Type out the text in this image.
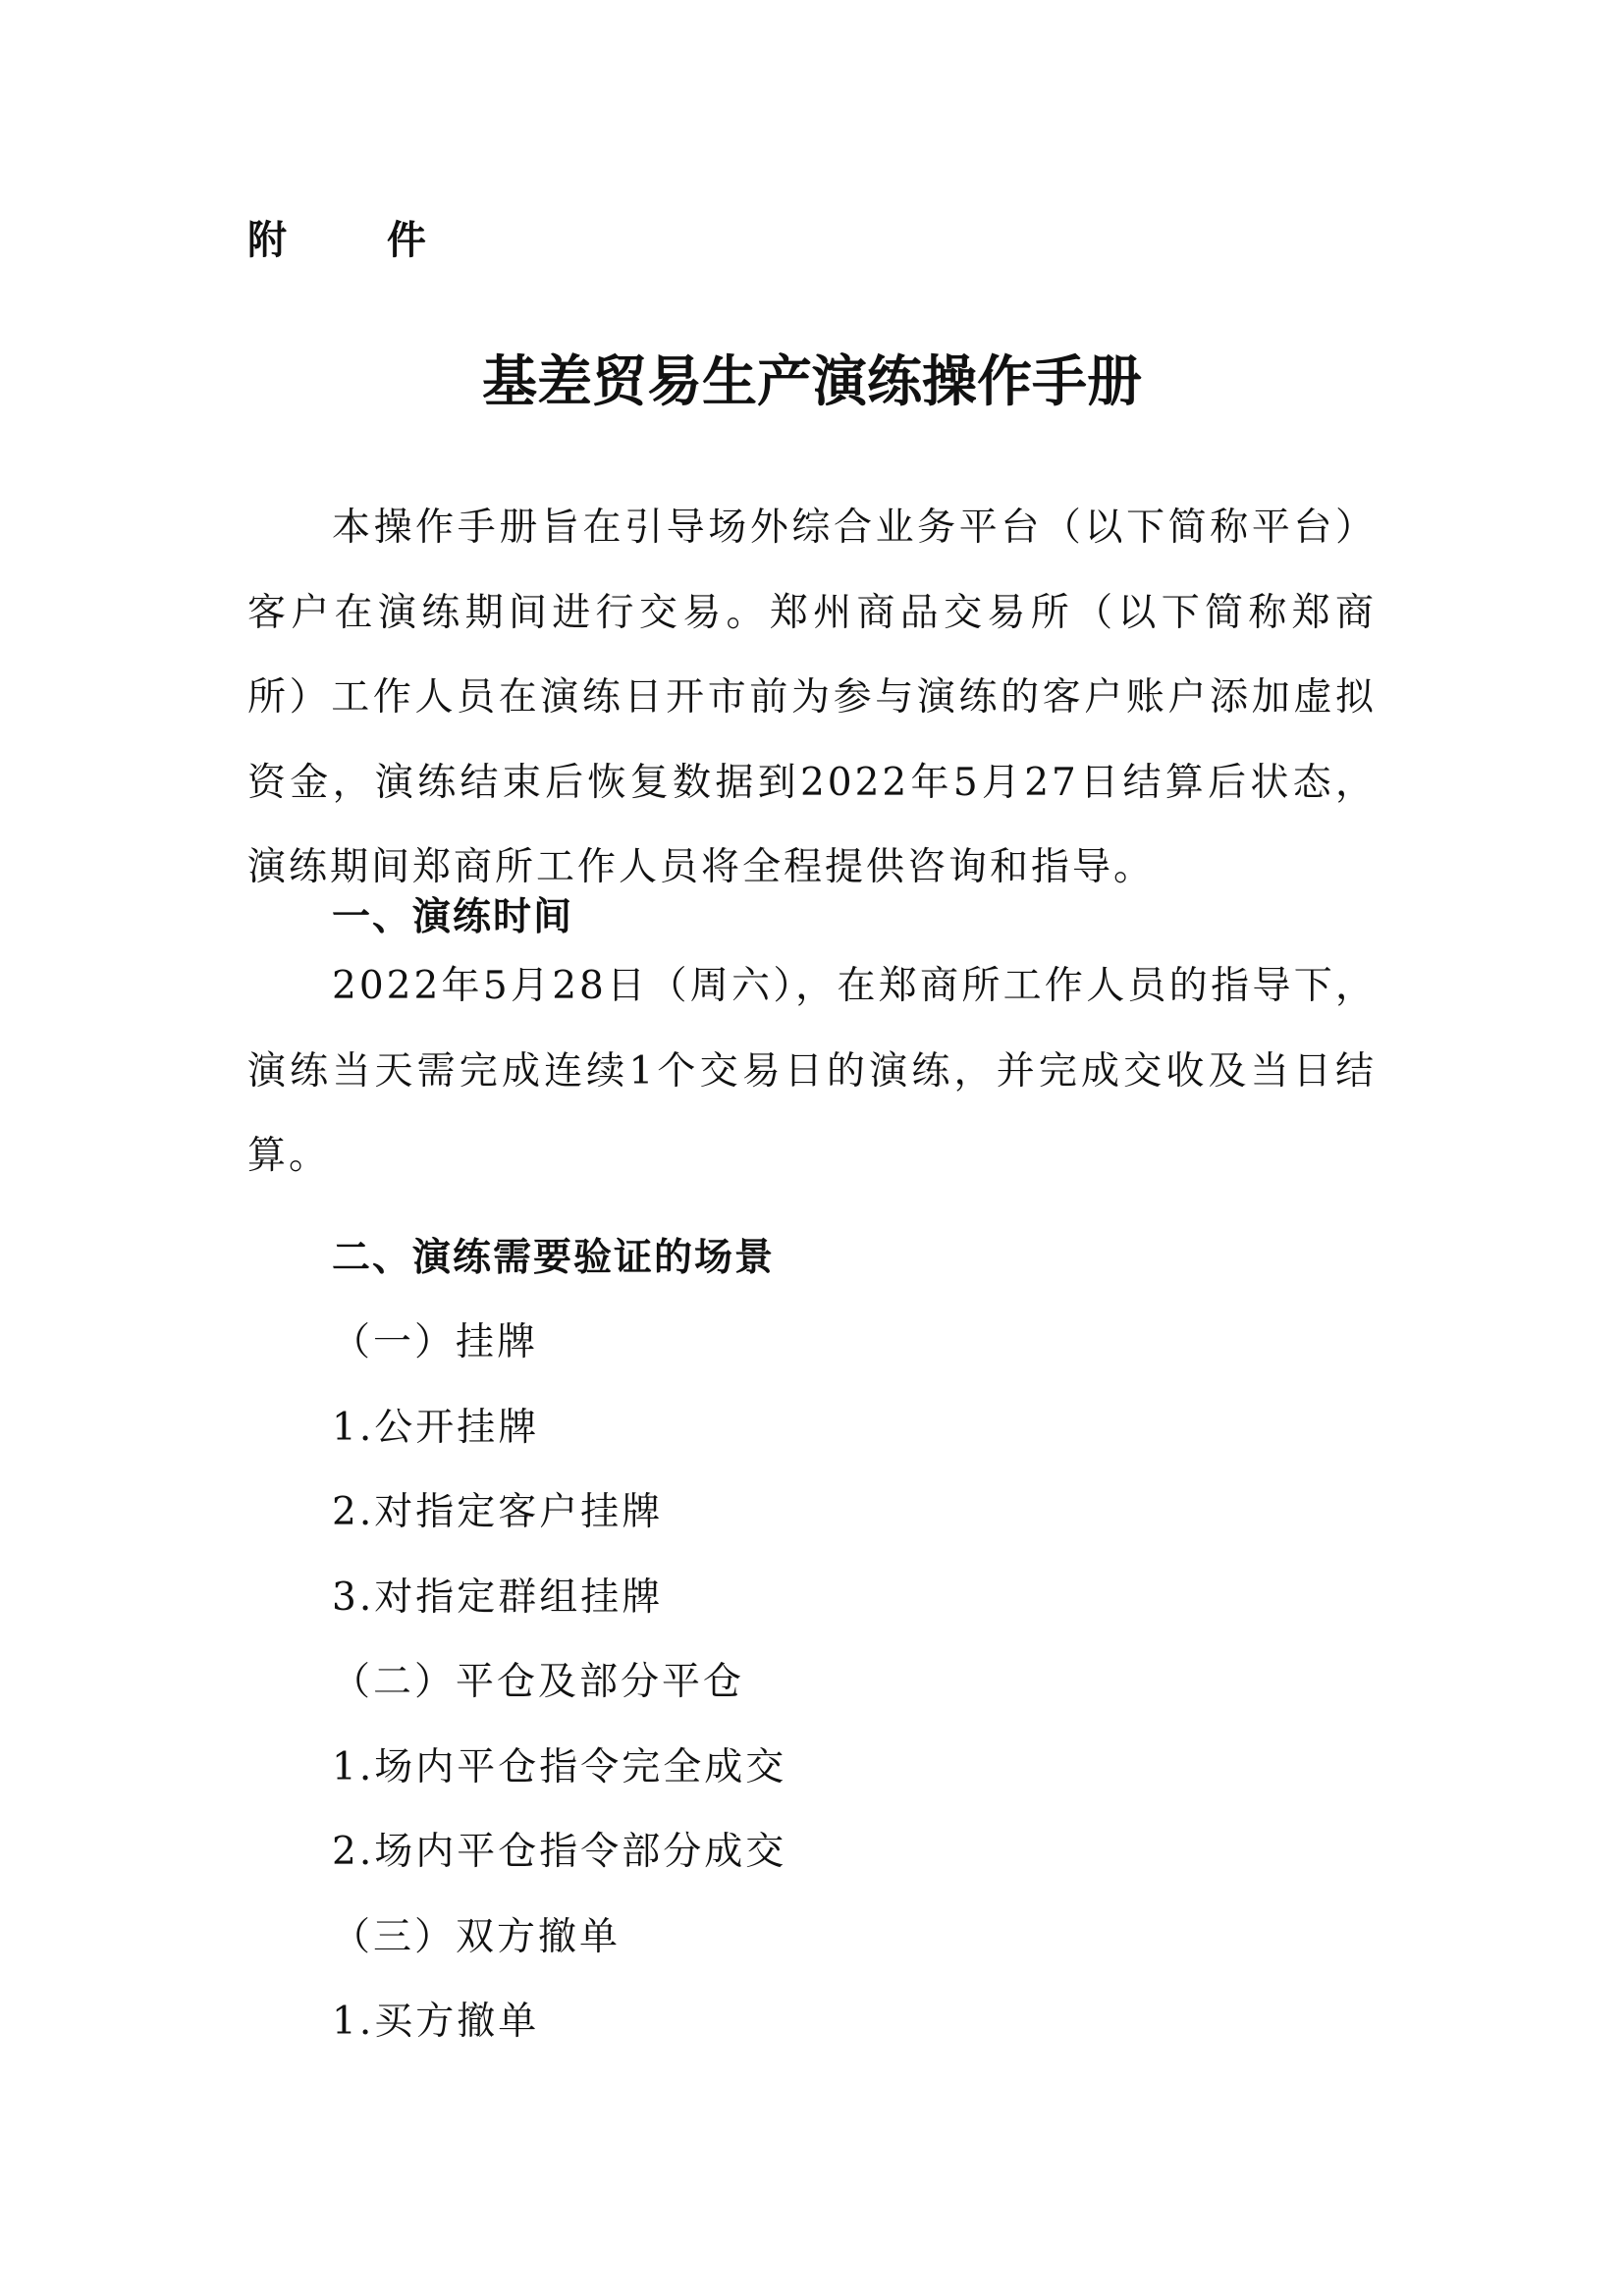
附 件
基差贸易生产演练操作手册
本操作手册旨在引导场外综合业务平台（以下简称平台）客户在演练期间进行交易。郑州商品交易所（以下简称郑商所）工作人员在演练日开市前为参与演练的客户账户添加虚拟资金，演练结束后恢复数据到2022年5月27日结算后状态，演练期间郑商所工作人员将全程提供咨询和指导。
一、演练时间
2022年5月28日（周六），在郑商所工作人员的指导下，演练当天需完成连续1个交易日的演练，并完成交收及当日结算。
二、演练需要验证的场景
（一）挂牌
1.公开挂牌
2.对指定客户挂牌
3.对指定群组挂牌
（二）平仓及部分平仓
1.场内平仓指令完全成交
2.场内平仓指令部分成交
（三）双方撤单
1.买方撤单
